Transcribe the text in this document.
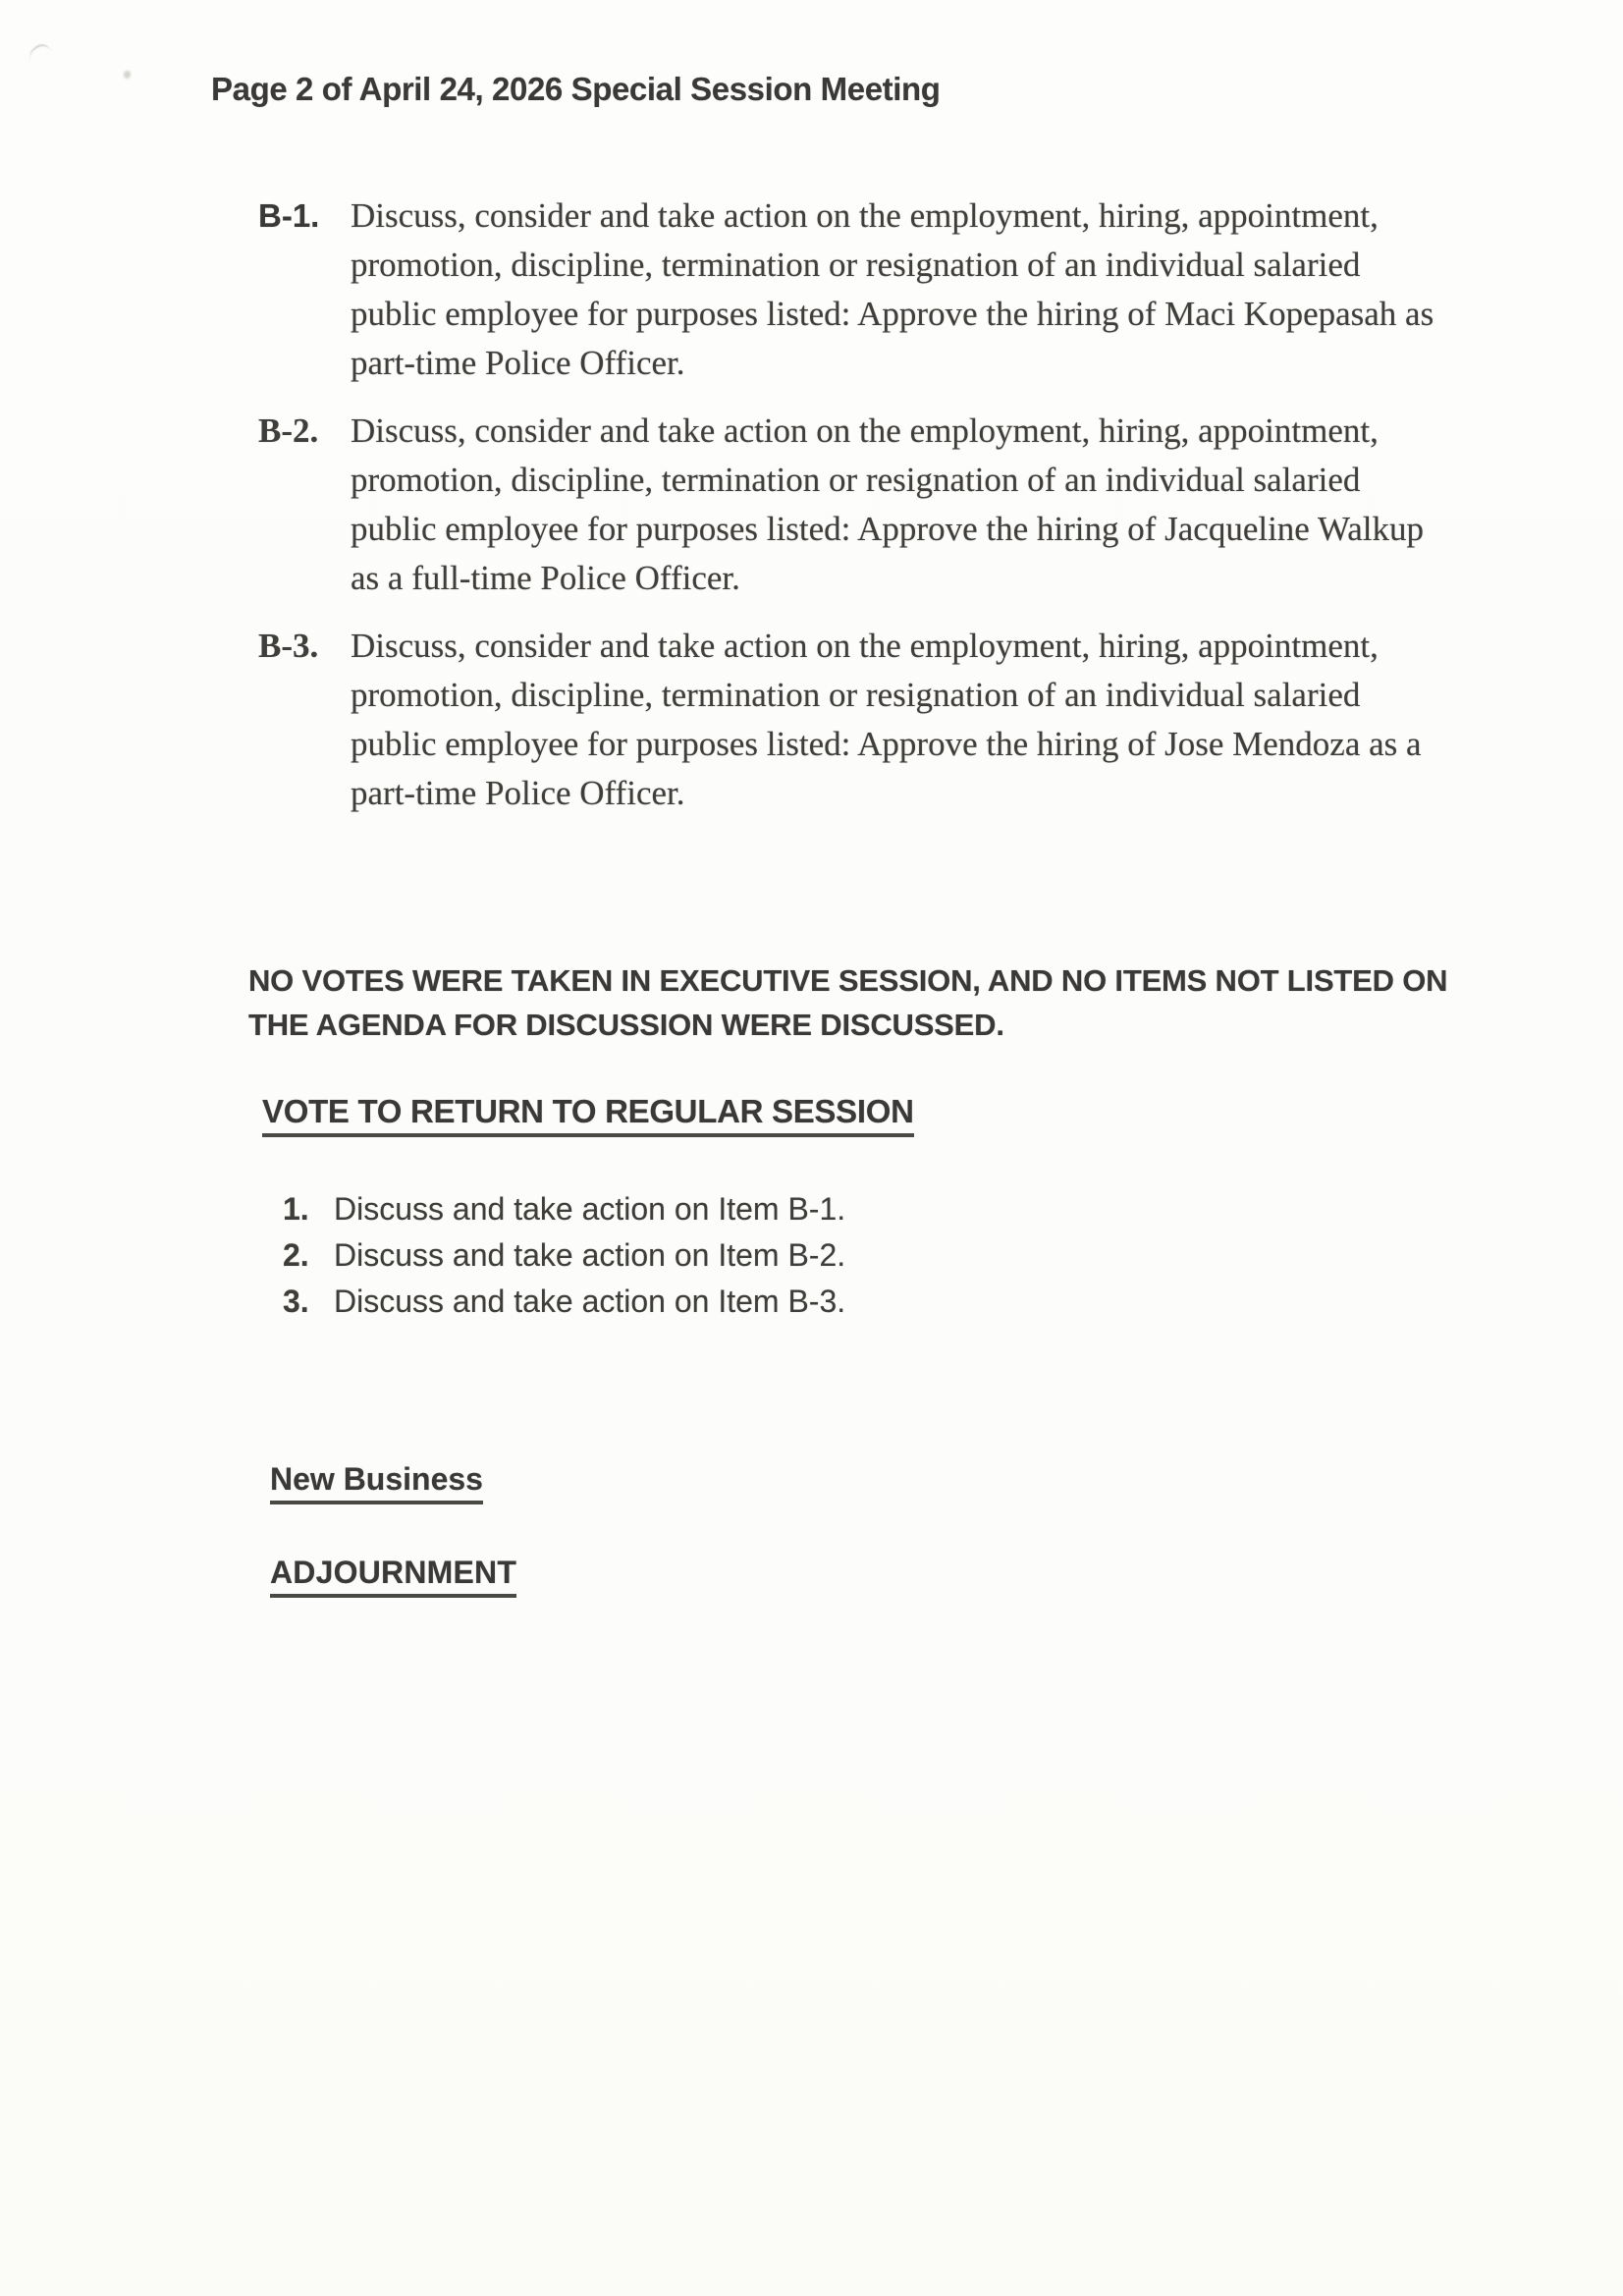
Page 2 of April 24, 2026 Special Session Meeting
B-1. Discuss, consider and take action on the employment, hiring, appointment,
promotion, discipline, termination or resignation of an individual salaried
public employee for purposes listed: Approve the hiring of Maci Kopepasah as
part-time Police Officer.
B-2. Discuss, consider and take action on the employment, hiring, appointment,
promotion, discipline, termination or resignation of an individual salaried
public employee for purposes listed: Approve the hiring of Jacqueline Walkup
as a full-time Police Officer.
B-3. Discuss, consider and take action on the employment, hiring, appointment,
promotion, discipline, termination or resignation of an individual salaried
public employee for purposes listed: Approve the hiring of Jose Mendoza as a
part-time Police Officer.
NO VOTES WERE TAKEN IN EXECUTIVE SESSION, AND NO ITEMS NOT LISTED ON
THE AGENDA FOR DISCUSSION WERE DISCUSSED.
VOTE TO RETURN TO REGULAR SESSION
1. Discuss and take action on Item B-1.
2. Discuss and take action on Item B-2.
3. Discuss and take action on Item B-3.
New Business
ADJOURNMENT
